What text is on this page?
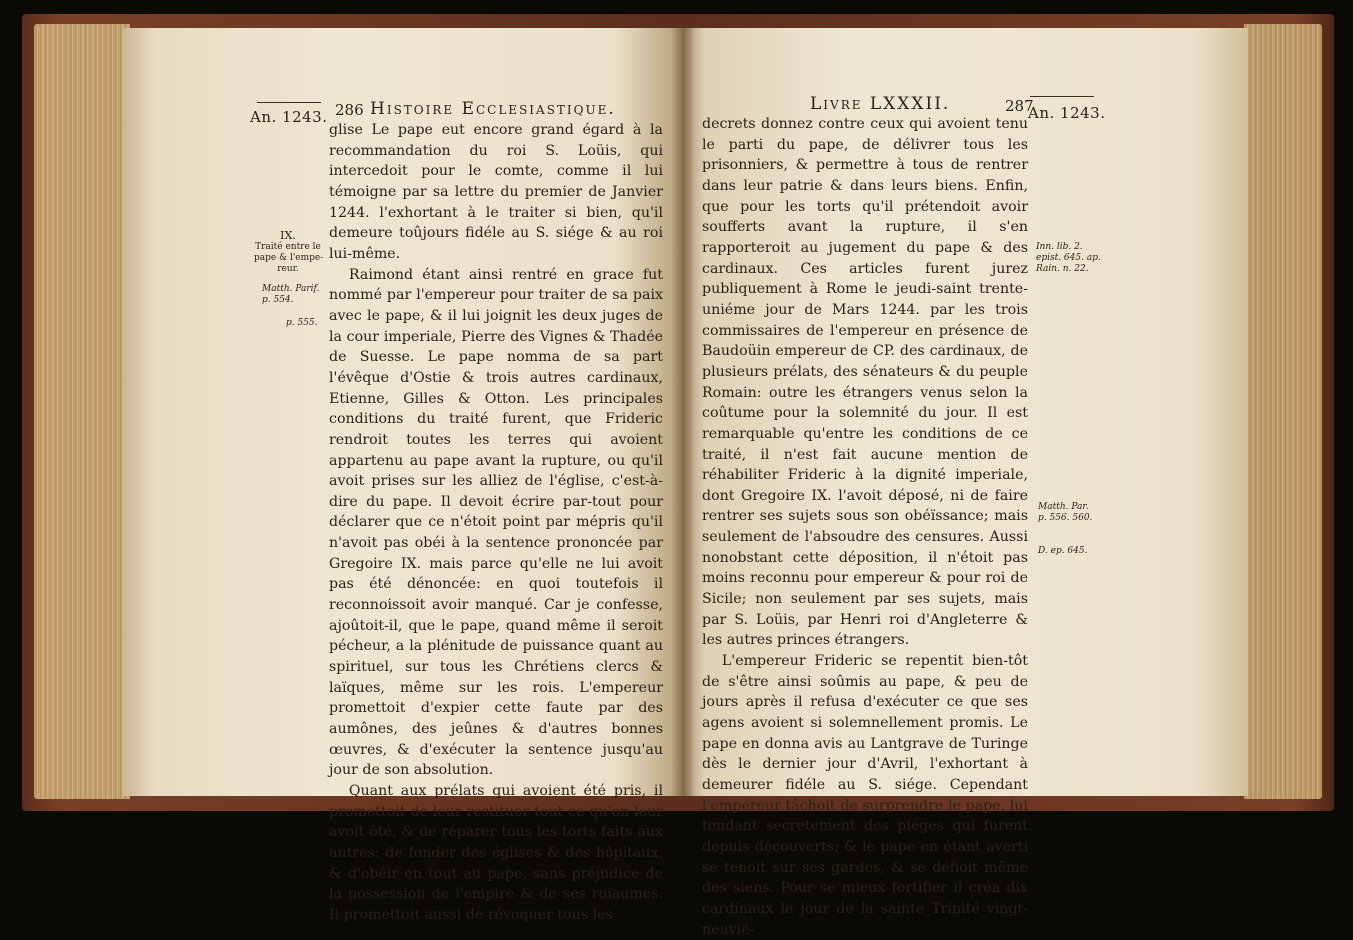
An. 1243. 286 Histoire Ecclesiastique.
IX.
Traité entre le
pape & l'empe-
reur.
Matth. Parif.
p. 554.
p. 555.

glise Le pape eut encore grand égard à la recommandation du roi S. Loüis, qui intercedoit pour le comte, comme il lui témoigne par sa lettre du premier de Janvier 1244. l'exhortant à le traiter si bien, qu'il demeure toûjours fidéle au S. siége & au roi lui-même.

Raimond étant ainsi rentré en grace fut nommé par l'empereur pour traiter de sa paix avec le pape, & il lui joignit les deux juges de la cour imperiale, Pierre des Vignes & Thadée de Suesse. Le pape nomma de sa part l'évêque d'Ostie & trois autres cardinaux, Etienne, Gilles & Otton. Les principales conditions du traité furent, que Frideric rendroit toutes les terres qui avoient appartenu au pape avant la rupture, ou qu'il avoit prises sur les alliez de l'église, c'est-à-dire du pape. Il devoit écrire par-tout pour déclarer que ce n'étoit point par mépris qu'il n'avoit pas obéi à la sentence prononcée par Gregoire IX. mais parce qu'elle ne lui avoit pas été dénoncée: en quoi toutefois il reconnoissoit avoir manqué. Car je confesse, ajoûtoit-il, que le pape, quand même il seroit pécheur, a la plénitude de puissance quant au spirituel, sur tous les Chrétiens clercs & laïques, même sur les rois. L'empereur promettoit d'expier cette faute par des aumônes, des jeûnes & d'autres bonnes œuvres, & d'exécuter la sentence jusqu'au jour de son absolution.

Quant aux prélats qui avoient été pris, il promettoit de leur restituer tout ce qu'on leur avoit ôté, & de réparer tous les torts faits aux autres: de fonder des églises & des hôpitaux, & d'obéir en tout au pape, sans préjudice de la possession de l'empire & de ses roiaumes. Il promettoit aussi de révoquer tous les

Livre LXXXII.	287
An. 1243.
Inn. lib. 2.
epist. 645. ap.
Rain. n. 22.
Matth. Par.
p. 556. 560.
D. ep. 645.

decrets donnez contre ceux qui avoient tenu le parti du pape, de délivrer tous les prisonniers, & permettre à tous de rentrer dans leur patrie & dans leurs biens. Enfin, que pour les torts qu'il prétendoit avoir soufferts avant la rupture, il s'en rapporteroit au jugement du pape & des cardinaux. Ces articles furent jurez publiquement à Rome le jeudi-saint trente-uniéme jour de Mars 1244. par les trois commissaires de l'empereur en présence de Baudoüin empereur de CP. des cardinaux, de plusieurs prélats, des sénateurs & du peuple Romain: outre les étrangers venus selon la coûtume pour la solemnité du jour. Il est remarquable qu'entre les conditions de ce traité, il n'est fait aucune mention de réhabiliter Frideric à la dignité imperiale, dont Gregoire IX. l'avoit déposé, ni de faire rentrer ses sujets sous son obéïssance; mais seulement de l'absoudre des censures. Aussi nonobstant cette déposition, il n'étoit pas moins reconnu pour empereur & pour roi de Sicile; non seulement par ses sujets, mais par S. Loüis, par Henri roi d'Angleterre & les autres princes étrangers.

L'empereur Frideric se repentit bien-tôt de s'être ainsi soûmis au pape, & peu de jours après il refusa d'exécuter ce que ses agens avoient si solemnellement promis. Le pape en donna avis au Lantgrave de Turinge dès le dernier jour d'Avril, l'exhortant à demeurer fidéle au S. siége. Cependant l'empereur tâchoit de surprendre le pape, lui tendant secretement des piéges qui furent depuis découverts; & le pape en étant averti se tenoit sur ses gardes, & se défioit même des siens. Pour se mieux fortifier il créa dix cardinaux le jour de la sainte Trinité vingt-neuvié-
